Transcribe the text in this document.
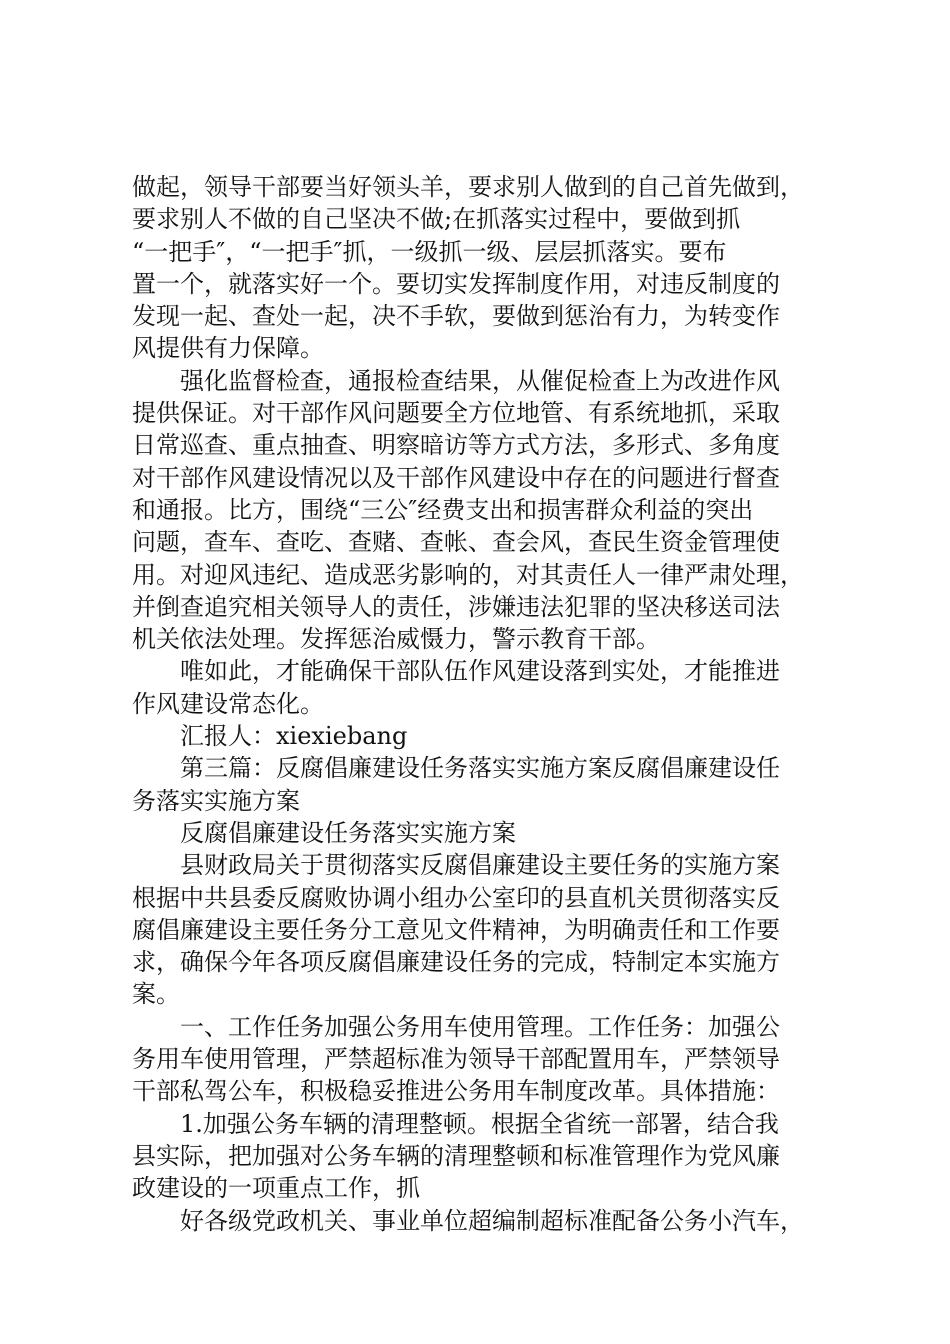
做起，领导干部要当好领头羊，要求别人做到的自己首先做到，
要求别人不做的自己坚决不做;在抓落实过程中，要做到抓
“一把手″，“一把手″抓，一级抓一级、层层抓落实。要布
置一个，就落实好一个。要切实发挥制度作用，对违反制度的
发现一起、查处一起，决不手软，要做到惩治有力，为转变作
风提供有力保障。
强化监督检查，通报检查结果，从催促检查上为改进作风
提供保证。对干部作风问题要全方位地管、有系统地抓，采取
日常巡查、重点抽查、明察暗访等方式方法，多形式、多角度
对干部作风建设情况以及干部作风建设中存在的问题进行督查
和通报。比方，围绕“三公″经费支出和损害群众利益的突出
问题，查车、查吃、查赌、查帐、查会风，查民生资金管理使
用。对迎风违纪、造成恶劣影响的，对其责任人一律严肃处理，
并倒查追究相关领导人的责任，涉嫌违法犯罪的坚决移送司法
机关依法处理。发挥惩治威慑力，警示教育干部。
唯如此，才能确保干部队伍作风建设落到实处，才能推进
作风建设常态化。
汇报人：xiexiebang
第三篇：反腐倡廉建设任务落实实施方案反腐倡廉建设任
务落实实施方案
反腐倡廉建设任务落实实施方案
县财政局关于贯彻落实反腐倡廉建设主要任务的实施方案
根据中共县委反腐败协调小组办公室印的县直机关贯彻落实反
腐倡廉建设主要任务分工意见文件精神，为明确责任和工作要
求，确保今年各项反腐倡廉建设任务的完成，特制定本实施方
案。
一、工作任务加强公务用车使用管理。工作任务：加强公
务用车使用管理，严禁超标准为领导干部配置用车，严禁领导
干部私驾公车，积极稳妥推进公务用车制度改革。具体措施：
1.加强公务车辆的清理整顿。根据全省统一部署，结合我
县实际，把加强对公务车辆的清理整顿和标准管理作为党风廉
政建设的一项重点工作，抓
好各级党政机关、事业单位超编制超标准配备公务小汽车，
